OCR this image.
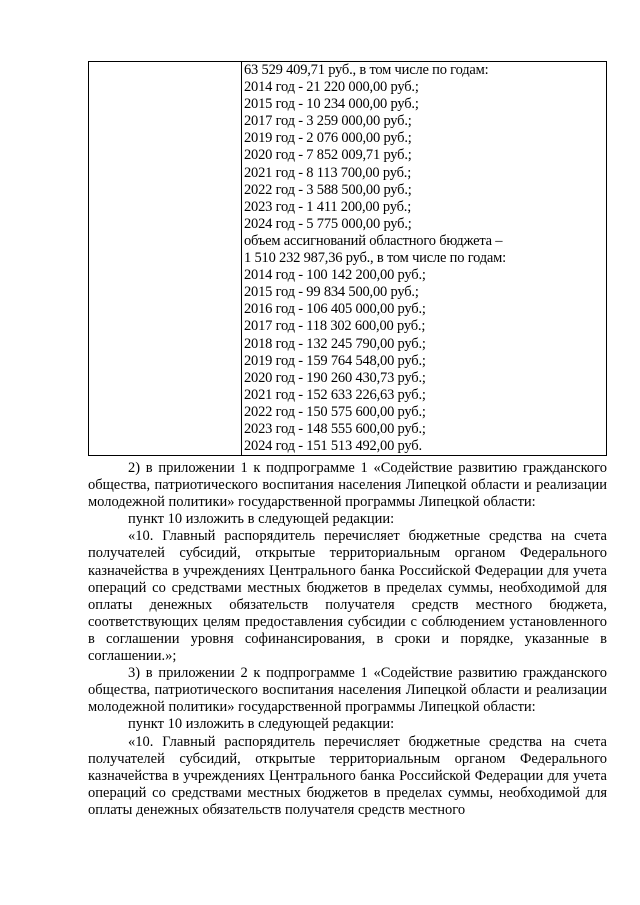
63 529 409,71 руб., в том числе по годам:
2014 год - 21 220 000,00 руб.;
2015 год - 10 234 000,00 руб.;
2017 год - 3 259 000,00 руб.;
2019 год - 2 076 000,00 руб.;
2020 год - 7 852 009,71 руб.;
2021 год - 8 113 700,00 руб.;
2022 год - 3 588 500,00 руб.;
2023 год - 1 411 200,00 руб.;
2024 год - 5 775 000,00 руб.;
объем ассигнований областного бюджета –
1 510 232 987,36 руб., в том числе по годам:
2014 год - 100 142 200,00 руб.;
2015 год - 99 834 500,00 руб.;
2016 год - 106 405 000,00 руб.;
2017 год - 118 302 600,00 руб.;
2018 год - 132 245 790,00 руб.;
2019 год - 159 764 548,00 руб.;
2020 год - 190 260 430,73 руб.;
2021 год - 152 633 226,63 руб.;
2022 год - 150 575 600,00 руб.;
2023 год - 148 555 600,00 руб.;
2024 год - 151 513 492,00 руб.

2) в приложении 1 к подпрограмме 1 «Содействие развитию гражданского общества, патриотического воспитания населения Липецкой области и реализации молодежной политики» государственной программы Липецкой области:

пункт 10 изложить в следующей редакции:

«10. Главный распорядитель перечисляет бюджетные средства на счета получателей субсидий, открытые территориальным органом Федерального казначейства в учреждениях Центрального банка Российской Федерации для учета операций со средствами местных бюджетов в пределах суммы, необходимой для оплаты денежных обязательств получателя средств местного бюджета, соответствующих целям предоставления субсидии с соблюдением установленного в соглашении уровня софинансирования, в сроки и порядке, указанные в соглашении.»;

3) в приложении 2 к подпрограмме 1 «Содействие развитию гражданского общества, патриотического воспитания населения Липецкой области и реализации молодежной политики» государственной программы Липецкой области:

пункт 10 изложить в следующей редакции:

«10. Главный распорядитель перечисляет бюджетные средства на счета получателей субсидий, открытые территориальным органом Федерального казначейства в учреждениях Центрального банка Российской Федерации для учета операций со средствами местных бюджетов в пределах суммы, необходимой для оплаты денежных обязательств получателя средств местного
